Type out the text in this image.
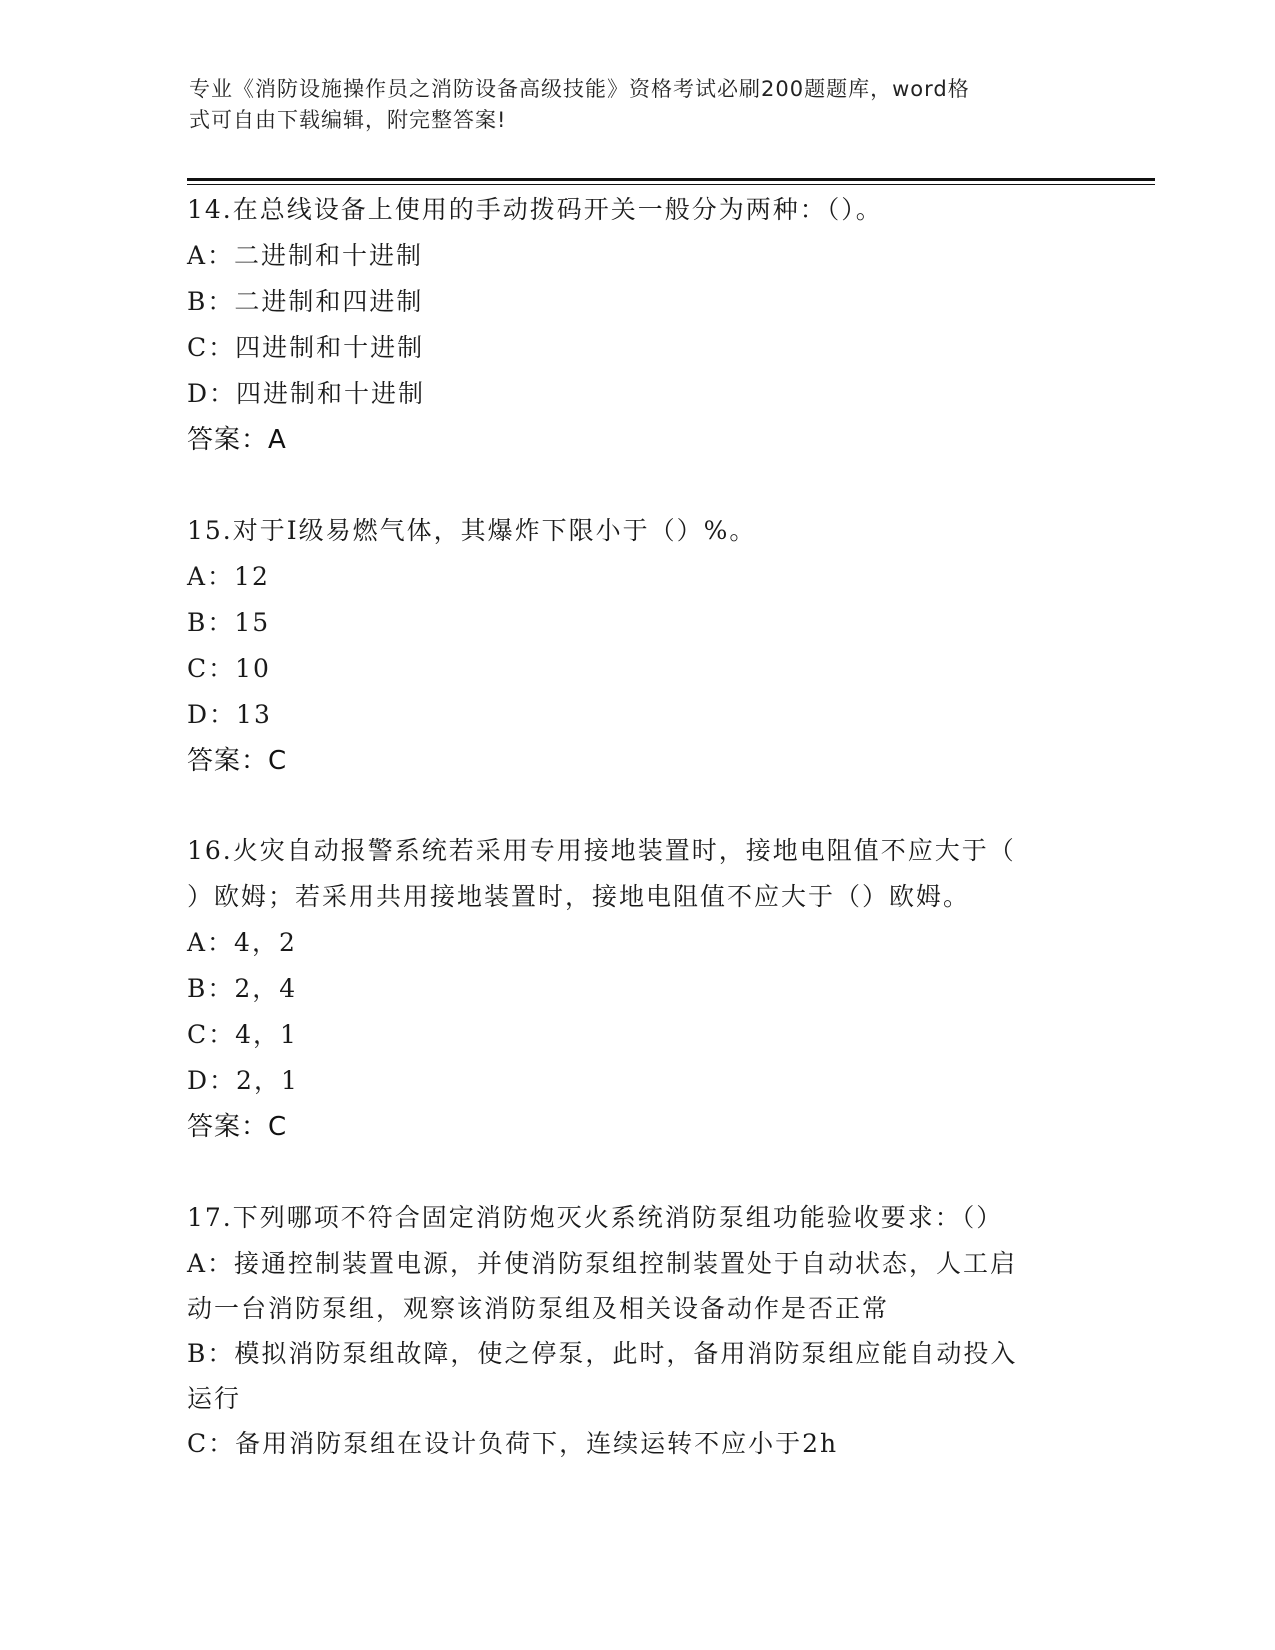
专业《消防设施操作员之消防设备高级技能》资格考试必刷200题题库，word格
式可自由下载编辑，附完整答案!
14.在总线设备上使用的手动拨码开关一般分为两种：（）。
A：二进制和十进制
B：二进制和四进制
C：四进制和十进制
D：四进制和十进制
答案：A
15.对于Ⅰ级易燃气体，其爆炸下限小于（）%。
A：12
B：15
C：10
D：13
答案：C
16.火灾自动报警系统若采用专用接地装置时，接地电阻值不应大于（
）欧姆；若采用共用接地装置时，接地电阻值不应大于（）欧姆。
A：4，2
B：2，4
C：4，1
D：2，1
答案：C
17.下列哪项不符合固定消防炮灭火系统消防泵组功能验收要求：（）
A：接通控制装置电源，并使消防泵组控制装置处于自动状态，人工启
动一台消防泵组，观察该消防泵组及相关设备动作是否正常
B：模拟消防泵组故障，使之停泵，此时，备用消防泵组应能自动投入
运行
C：备用消防泵组在设计负荷下，连续运转不应小于2h
